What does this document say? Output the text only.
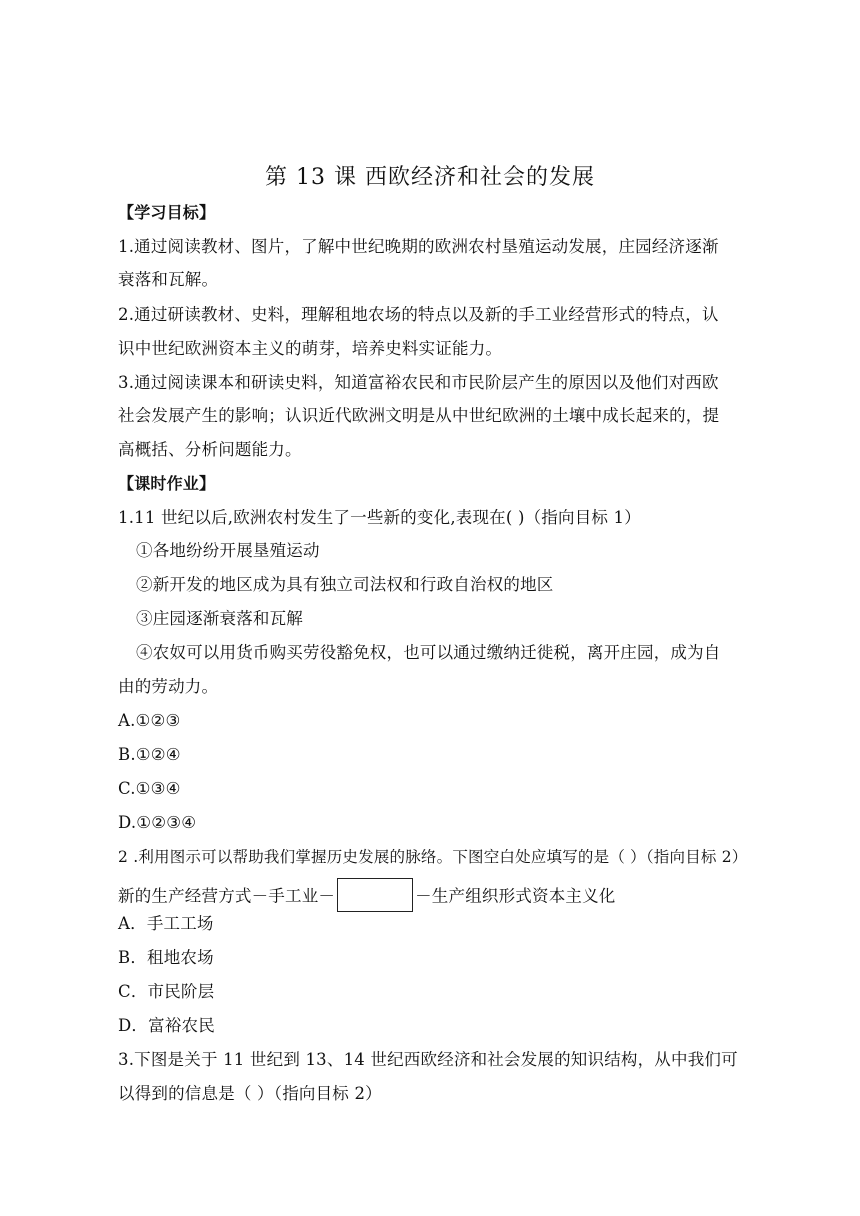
第 13 课 西欧经济和社会的发展
【学习目标】
1.通过阅读教材、图片，了解中世纪晚期的欧洲农村垦殖运动发展，庄园经济逐渐
衰落和瓦解。
2.通过研读教材、史料，理解租地农场的特点以及新的手工业经营形式的特点，认
识中世纪欧洲资本主义的萌芽，培养史料实证能力。
3.通过阅读课本和研读史料，知道富裕农民和市民阶层产生的原因以及他们对西欧
社会发展产生的影响；认识近代欧洲文明是从中世纪欧洲的土壤中成长起来的，提
高概括、分析问题能力。
【课时作业】
1.11 世纪以后,欧洲农村发生了一些新的变化,表现在( )（指向目标 1）
①各地纷纷开展垦殖运动
②新开发的地区成为具有独立司法权和行政自治权的地区
③庄园逐渐衰落和瓦解
④农奴可以用货币购买劳役豁免权，也可以通过缴纳迁徙税，离开庄园，成为自
由的劳动力。
A.①②③
B.①②④
C.①③④
D.①②③④
2 .利用图示可以帮助我们掌握历史发展的脉络。下图空白处应填写的是（ ）（指向目标 2）
新的生产经营方式－手工业－	－生产组织形式资本主义化
A．手工工场
B．租地农场
C．市民阶层
D．富裕农民
3.下图是关于 11 世纪到 13、14 世纪西欧经济和社会发展的知识结构，从中我们可
以得到的信息是（ ）（指向目标 2）
